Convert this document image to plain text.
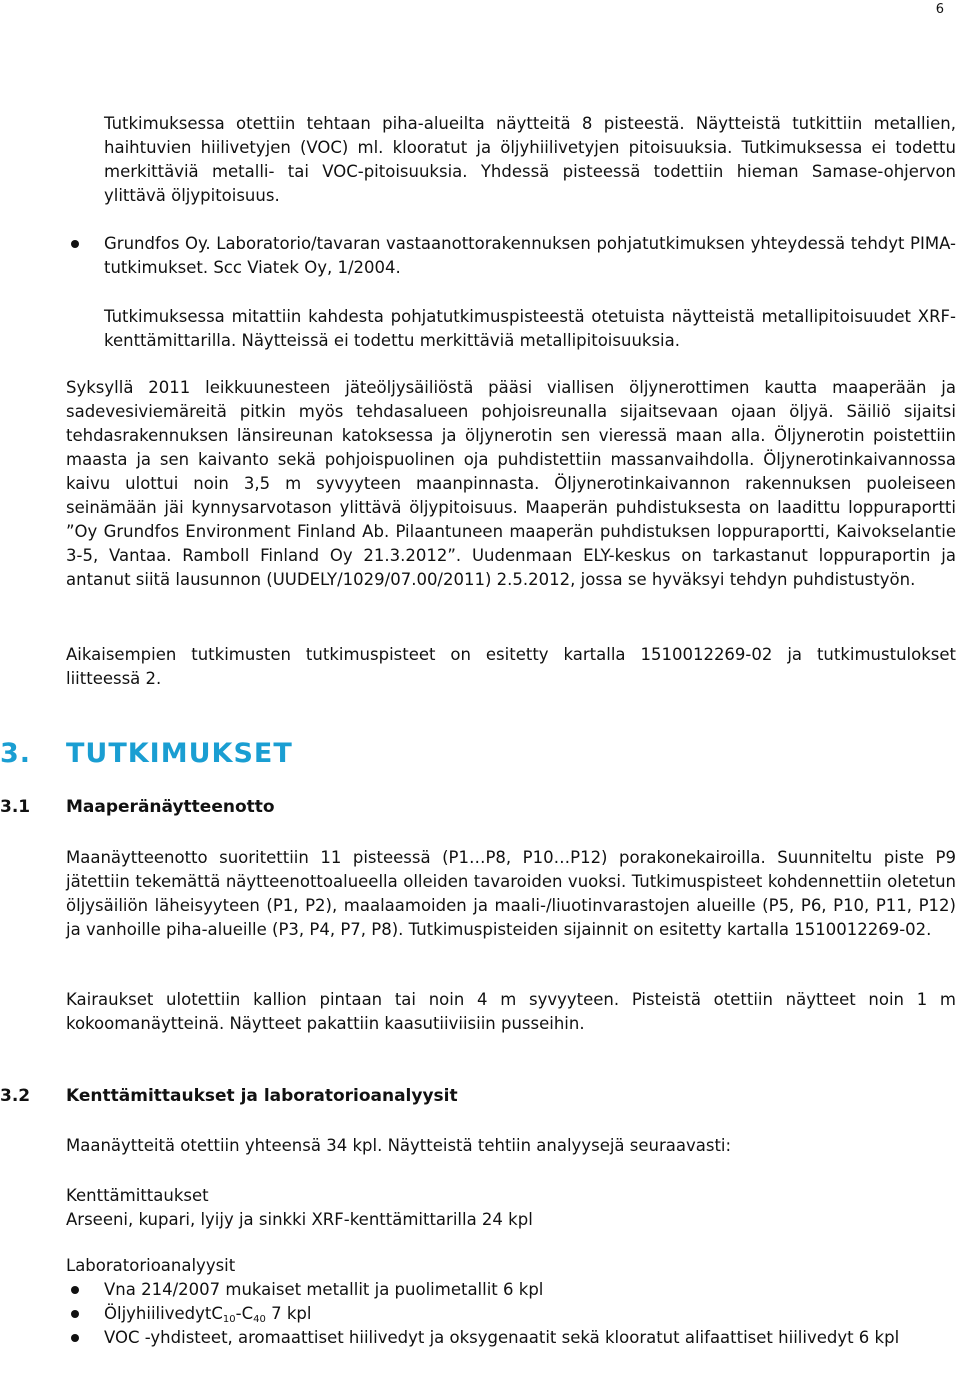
6

Tutkimuksessa otettiin tehtaan piha-alueilta näytteitä 8 pisteestä. Näytteistä tutkittiin metallien, haihtuvien hiilivetyjen (VOC) ml. klooratut ja öljyhiilivetyjen pitoisuuksia. Tutkimuksessa ei todettu merkittäviä metalli- tai VOC-pitoisuuksia. Yhdessä pisteessä todettiin hieman Samase-ohjervon ylittävä öljypitoisuus.

Grundfos Oy. Laboratorio/tavaran vastaanottorakennuksen pohjatutkimuksen yhteydessä tehdyt PIMA-tutkimukset. Scc Viatek Oy, 1/2004.

Tutkimuksessa mitattiin kahdesta pohjatutkimuspisteestä otetuista näytteistä metallipitoisuudet XRF-kenttämittarilla. Näytteissä ei todettu merkittäviä metallipitoisuuksia.

Syksyllä 2011 leikkuunesteen jäteöljysäiliöstä pääsi viallisen öljynerottimen kautta maaperään ja sadevesiviemäreitä pitkin myös tehdasalueen pohjoisreunalla sijaitsevaan ojaan öljyä. Säiliö sijaitsi tehdasrakennuksen länsireunan katoksessa ja öljynerotin sen vieressä maan alla. Öljynerotin poistettiin maasta ja sen kaivanto sekä pohjoispuolinen oja puhdistettiin massanvaihdolla. Öljynerotinkaivannossa kaivu ulottui noin 3,5 m syvyyteen maanpinnasta. Öljynerotinkaivannon rakennuksen puoleiseen seinämään jäi kynnysarvotason ylittävä öljypitoisuus. Maaperän puhdistuksesta on laadittu loppuraportti ”Oy Grundfos Environment Finland Ab. Pilaantuneen maaperän puhdistuksen loppuraportti, Kaivokselantie 3-5, Vantaa. Ramboll Finland Oy 21.3.2012”. Uudenmaan ELY-keskus on tarkastanut loppuraportin ja antanut siitä lausunnon (UUDELY/1029/07.00/2011) 2.5.2012, jossa se hyväksyi tehdyn puhdistustyön.

Aikaisempien tutkimusten tutkimuspisteet on esitetty kartalla 1510012269-02 ja tutkimustulokset liitteessä 2.

3. TUTKIMUKSET
3.1 Maaperänäytteenotto

Maanäytteenotto suoritettiin 11 pisteessä (P1…P8, P10…P12) porakonekairoilla. Suunniteltu piste P9 jätettiin tekemättä näytteenottoalueella olleiden tavaroiden vuoksi. Tutkimuspisteet kohdennettiin oletetun öljysäiliön läheisyyteen (P1, P2), maalaamoiden ja maali-/liuotinvarastojen alueille (P5, P6, P10, P11, P12) ja vanhoille piha-alueille (P3, P4, P7, P8). Tutkimuspisteiden sijainnit on esitetty kartalla 1510012269-02.

Kairaukset ulotettiin kallion pintaan tai noin 4 m syvyyteen. Pisteistä otettiin näytteet noin 1 m kokoomanäytteinä. Näytteet pakattiin kaasutiiviisiin pusseihin.

3.2 Kenttämittaukset ja laboratorioanalyysit

Maanäytteitä otettiin yhteensä 34 kpl. Näytteistä tehtiin analyysejä seuraavasti:

Kenttämittaukset

Arseeni, kupari, lyijy ja sinkki XRF-kenttämittarilla 24 kpl

Laboratorioanalyysit

Vna 214/2007 mukaiset metallit ja puolimetallit 6 kpl

$ÖljyhiilivedytC_{10}-C_{40}$ 7 kpl

VOC -yhdisteet, aromaattiset hiilivedyt ja oksygenaatit sekä klooratut alifaattiset hiilivedyt 6 kpl
